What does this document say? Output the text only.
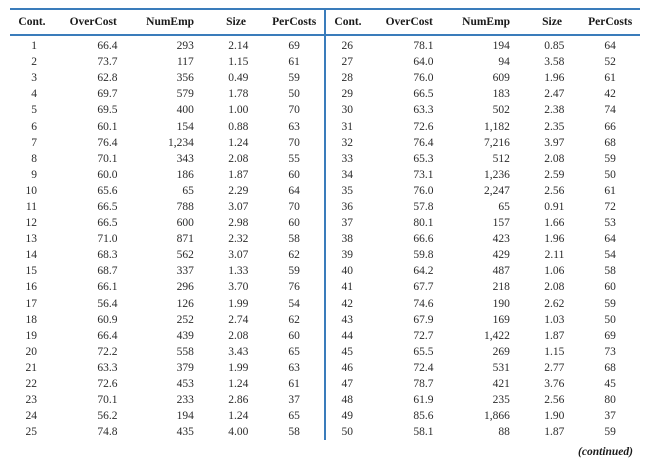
Cont.	OverCost	NumEmp	Size	PerCosts
1	66.4	293	2.14	69
2	73.7	117	1.15	61
3	62.8	356	0.49	59
4	69.7	579	1.78	50
5	69.5	400	1.00	70
6	60.1	154	0.88	63
7	76.4	1,234	1.24	70
8	70.1	343	2.08	55
9	60.0	186	1.87	60
10	65.6	65	2.29	64
11	66.5	788	3.07	70
12	66.5	600	2.98	60
13	71.0	871	2.32	58
14	68.3	562	3.07	62
15	68.7	337	1.33	59
16	66.1	296	3.70	76
17	56.4	126	1.99	54
18	60.9	252	2.74	62
19	66.4	439	2.08	60
20	72.2	558	3.43	65
21	63.3	379	1.99	63
22	72.6	453	1.24	61
23	70.1	233	2.86	37
24	56.2	194	1.24	65
25	74.8	435	4.00	58
Cont.	OverCost	NumEmp	Size	PerCosts
26	78.1	194	0.85	64
27	64.0	94	3.58	52
28	76.0	609	1.96	61
29	66.5	183	2.47	42
30	63.3	502	2.38	74
31	72.6	1,182	2.35	66
32	76.4	7,216	3.97	68
33	65.3	512	2.08	59
34	73.1	1,236	2.59	50
35	76.0	2,247	2.56	61
36	57.8	65	0.91	72
37	80.1	157	1.66	53
38	66.6	423	1.96	64
39	59.8	429	2.11	54
40	64.2	487	1.06	58
41	67.7	218	2.08	60
42	74.6	190	2.62	59
43	67.9	169	1.03	50
44	72.7	1,422	1.87	69
45	65.5	269	1.15	73
46	72.4	531	2.77	68
47	78.7	421	3.76	45
48	61.9	235	2.56	80
49	85.6	1,866	1.90	37
50	58.1	88	1.87	59
(continued)
